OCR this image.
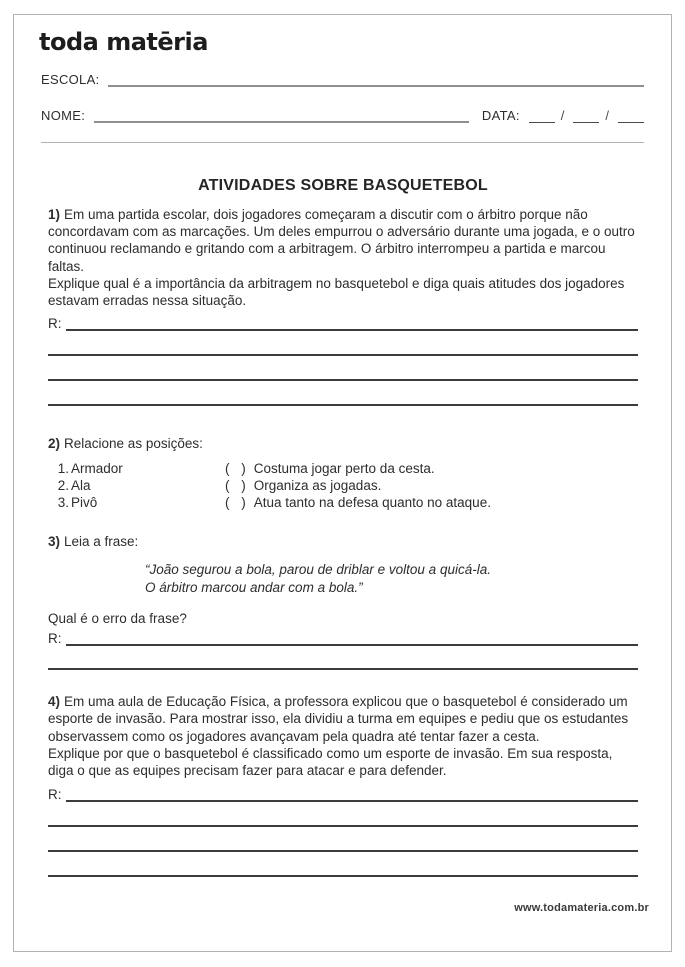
toda matēria
ESCOLA:
NOME:	DATA:	/	/
ATIVIDADES SOBRE BASQUETEBOL

1) Em uma partida escolar, dois jogadores começaram a discutir com o árbitro porque não concordavam com as marcações. Um deles empurrou o adversário durante uma jogada, e o outro continuou reclamando e gritando com a arbitragem. O árbitro interrompeu a partida e marcou faltas.

Explique qual é a importância da arbitragem no basquetebol e diga quais atitudes dos jogadores estavam erradas nessa situação.

R:

2) Relacione as posições:

1. Armador	( ) Costuma jogar perto da cesta.
2. Ala	( ) Organiza as jogadas.
3. Pivô	( ) Atua tanto na defesa quanto no ataque.

3) Leia a frase:

“João segurou a bola, parou de driblar e voltou a quicá-la.
O árbitro marcou andar com a bola.”

Qual é o erro da frase?

R:

4) Em uma aula de Educação Física, a professora explicou que o basquetebol é considerado um esporte de invasão. Para mostrar isso, ela dividiu a turma em equipes e pediu que os estudantes observassem como os jogadores avançavam pela quadra até tentar fazer a cesta.

Explique por que o basquetebol é classificado como um esporte de invasão. Em sua resposta, diga o que as equipes precisam fazer para atacar e para defender.

R:
www.todamateria.com.br
